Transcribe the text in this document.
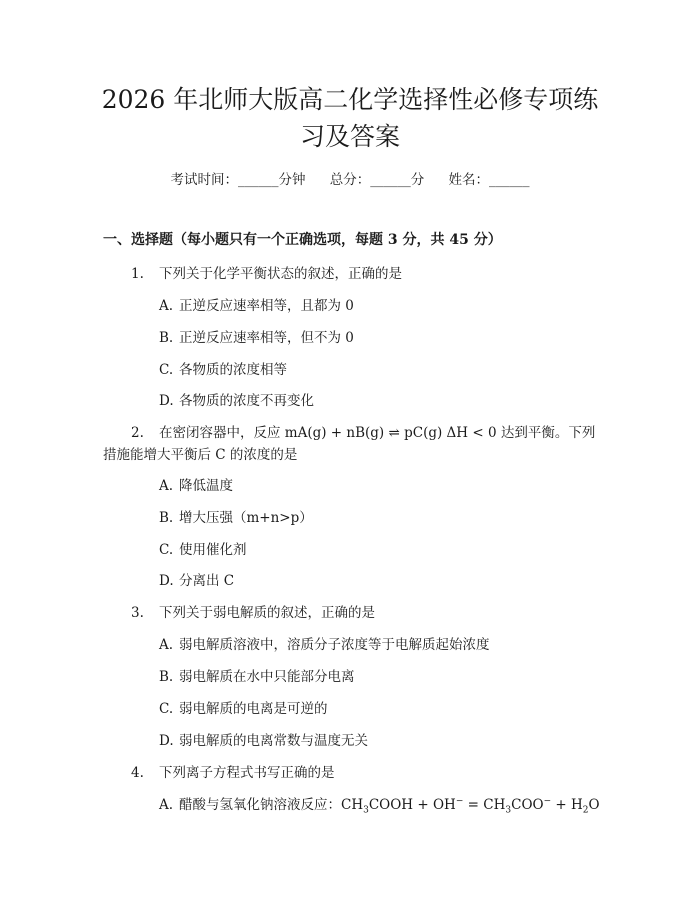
2026 年北师大版高二化学选择性必修专项练
习及答案
考试时间：______分钟 总分：______分 姓名：______
一、选择题（每小题只有一个正确选项，每题 3 分，共 45 分）
1. 下列关于化学平衡状态的叙述，正确的是
A. 正逆反应速率相等，且都为 0
B. 正逆反应速率相等，但不为 0
C. 各物质的浓度相等
D. 各物质的浓度不再变化
2. 在密闭容器中，反应 mA(g) + nB(g) ⇌ pC(g) ΔH < 0 达到平衡。下列
措施能增大平衡后 C 的浓度的是
A. 降低温度
B. 增大压强（m+n>p）
C. 使用催化剂
D. 分离出 C
3. 下列关于弱电解质的叙述，正确的是
A. 弱电解质溶液中，溶质分子浓度等于电解质起始浓度
B. 弱电解质在水中只能部分电离
C. 弱电解质的电离是可逆的
D. 弱电解质的电离常数与温度无关
4. 下列离子方程式书写正确的是
A. 醋酸与氢氧化钠溶液反应：$CH_3COOH + OH^- = CH_3COO^- + H_2O$
